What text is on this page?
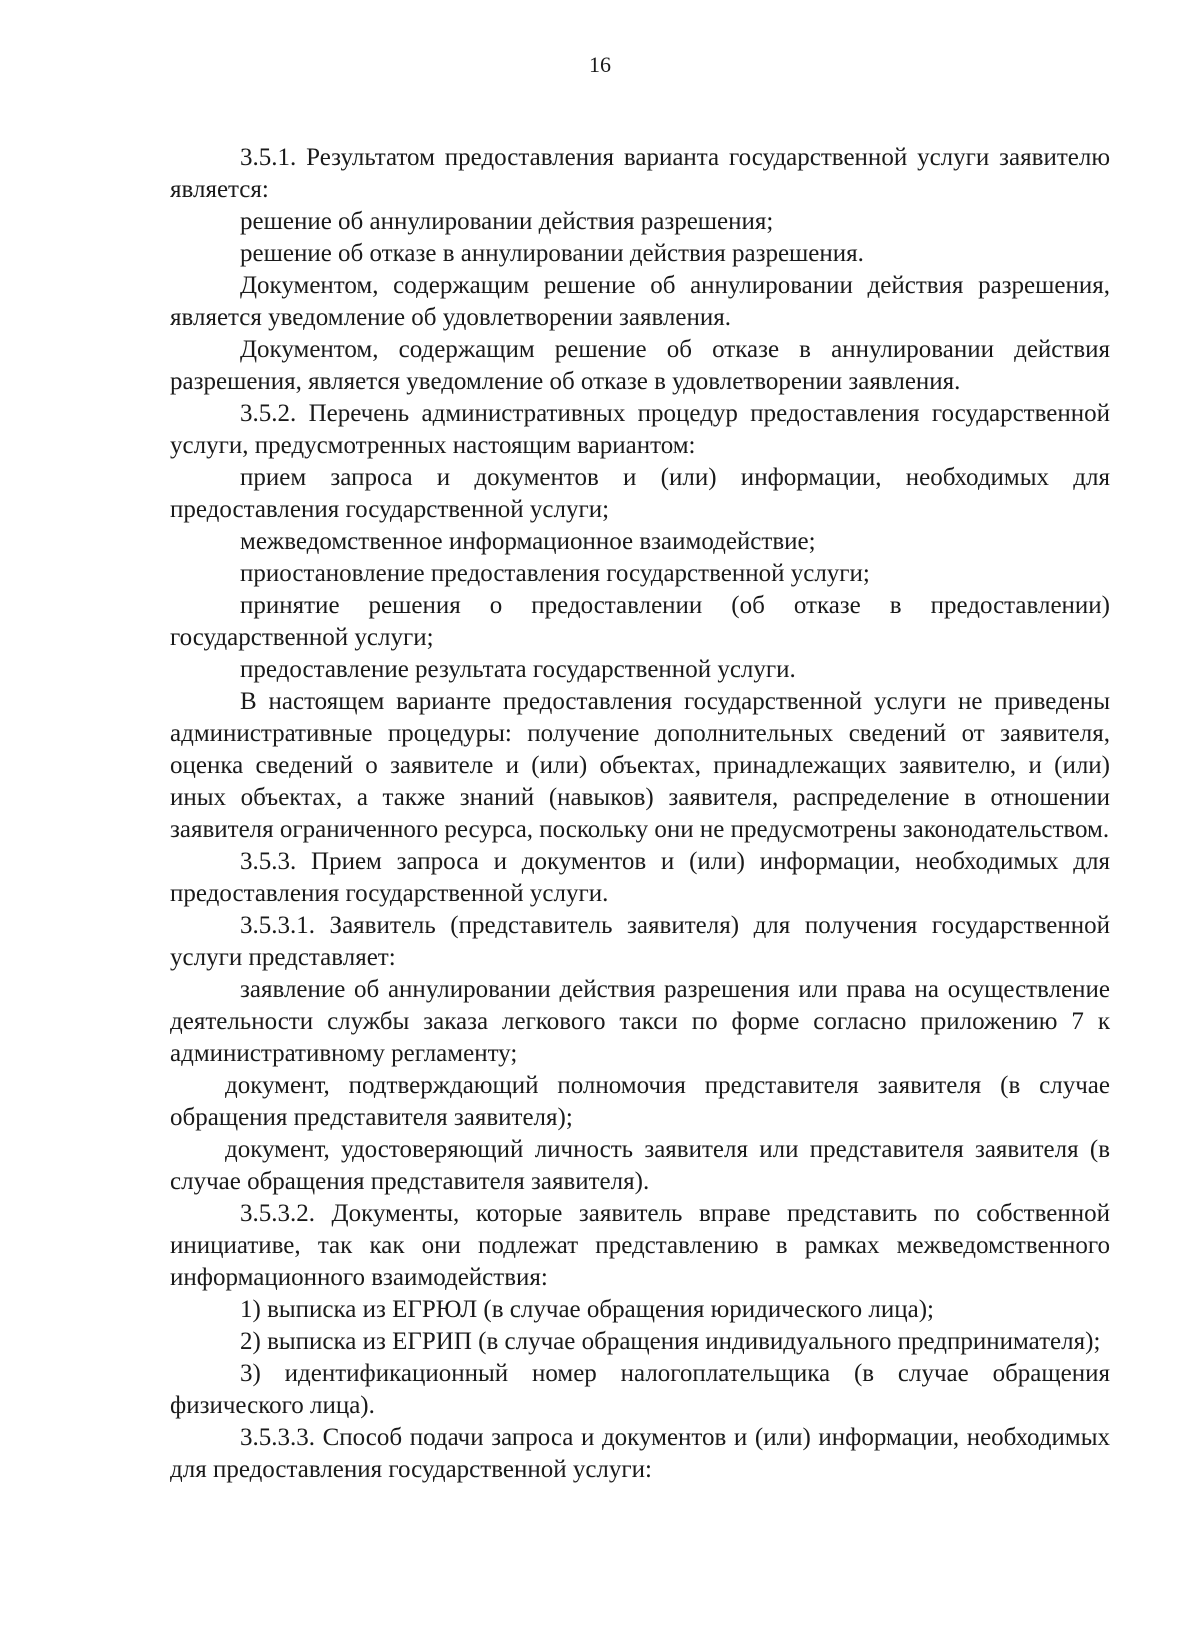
16

3.5.1. Результатом предоставления варианта государственной услуги заявителю является:

решение об аннулировании действия разрешения;

решение об отказе в аннулировании действия разрешения.

Документом, содержащим решение об аннулировании действия разрешения, является уведомление об удовлетворении заявления.

Документом, содержащим решение об отказе в аннулировании действия разрешения, является уведомление об отказе в удовлетворении заявления.

3.5.2. Перечень административных процедур предоставления государственной услуги, предусмотренных настоящим вариантом:

прием запроса и документов и (или) информации, необходимых для предоставления государственной услуги;

межведомственное информационное взаимодействие;

приостановление предоставления государственной услуги;

принятие решения о предоставлении (об отказе в предоставлении) государственной услуги;

предоставление результата государственной услуги.

В настоящем варианте предоставления государственной услуги не приведены административные процедуры: получение дополнительных сведений от заявителя, оценка сведений о заявителе и (или) объектах, принадлежащих заявителю, и (или) иных объектах, а также знаний (навыков) заявителя, распределение в отношении заявителя ограниченного ресурса, поскольку они не предусмотрены законодательством.

3.5.3. Прием запроса и документов и (или) информации, необходимых для предоставления государственной услуги.

3.5.3.1. Заявитель (представитель заявителя) для получения государственной услуги представляет:

заявление об аннулировании действия разрешения или права на осуществление деятельности службы заказа легкового такси по форме согласно приложению 7 к административному регламенту;

документ, подтверждающий полномочия представителя заявителя (в случае обращения представителя заявителя);

документ, удостоверяющий личность заявителя или представителя заявителя (в случае обращения представителя заявителя).

3.5.3.2. Документы, которые заявитель вправе представить по собственной инициативе, так как они подлежат представлению в рамках межведомственного информационного взаимодействия:

1) выписка из ЕГРЮЛ (в случае обращения юридического лица);

2) выписка из ЕГРИП (в случае обращения индивидуального предпринимателя);

3) идентификационный номер налогоплательщика (в случае обращения физического лица).

3.5.3.3. Способ подачи запроса и документов и (или) информации, необходимых для предоставления государственной услуги:
